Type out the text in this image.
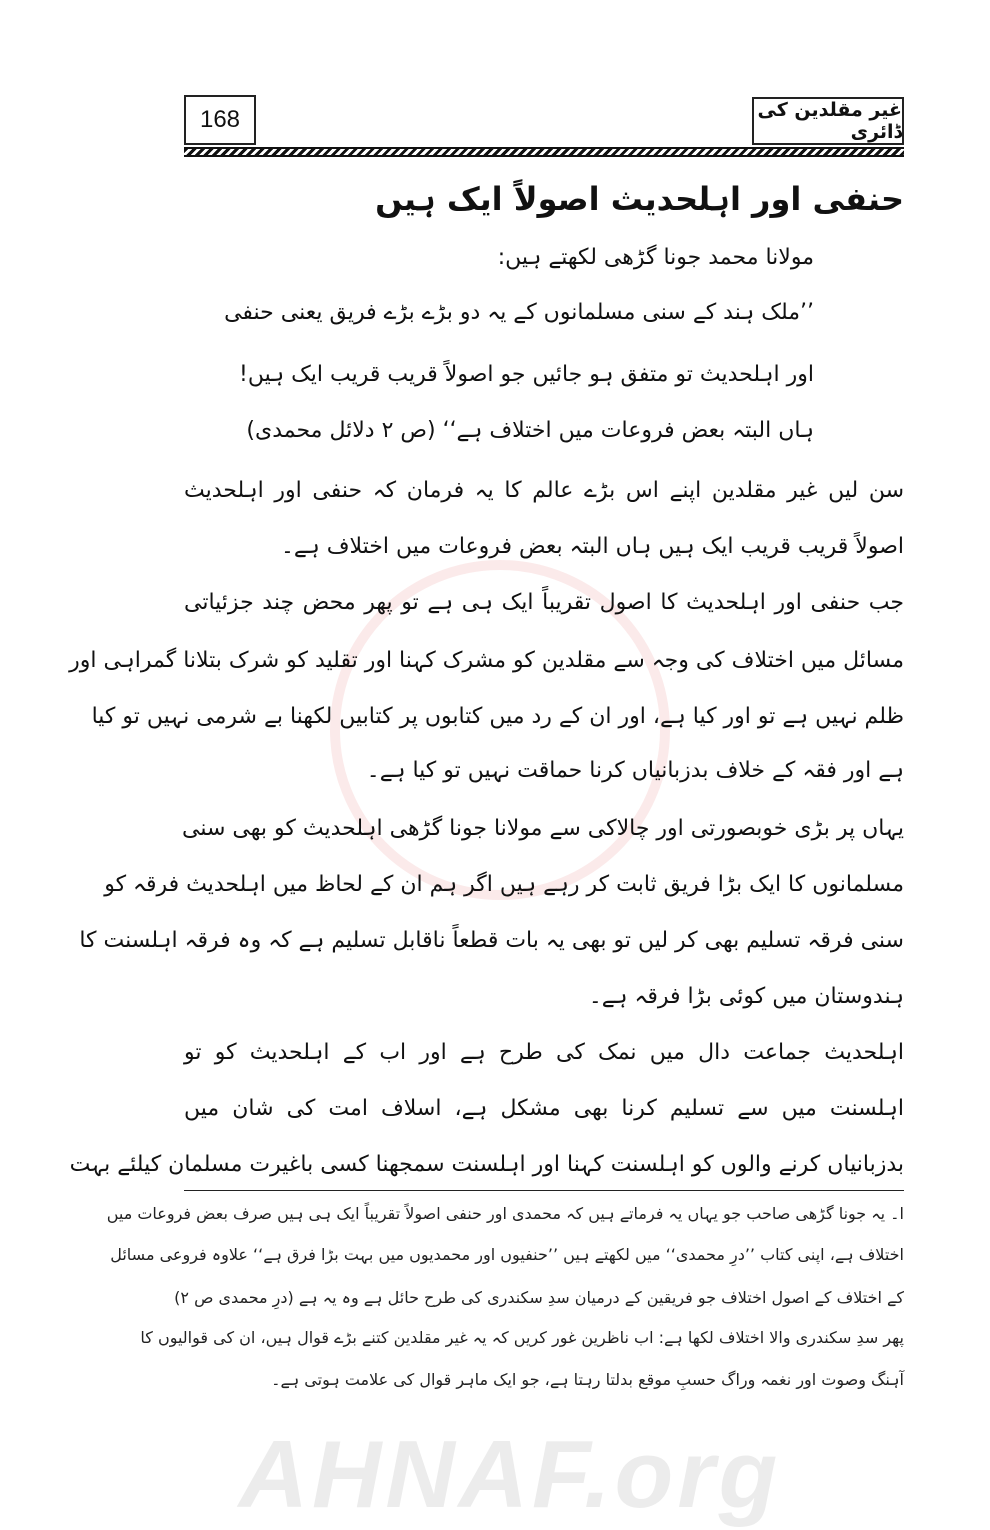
168	غیر مقلدین کی ڈائری
حنفی اور اہلحدیث اصولاً ایک ہیں
مولانا محمد جونا گڑھی لکھتے ہیں:
’’ملک ہند کے سنی مسلمانوں کے یہ دو بڑے بڑے فریق یعنی حنفی
اور اہلحدیث تو متفق ہو جائیں جو اصولاً قریب قریب ایک ہیں!
ہاں البتہ بعض فروعات میں اختلاف ہے‘‘ (ص ۲ دلائل محمدی)
سن لیں غیر مقلدین اپنے اس بڑے عالم کا یہ فرمان کہ حنفی اور اہلحدیث
اصولاً قریب قریب ایک ہیں ہاں البتہ بعض فروعات میں اختلاف ہے۔
جب حنفی اور اہلحدیث کا اصول تقریباً ایک ہی ہے تو پھر محض چند جزئیاتی
مسائل میں اختلاف کی وجہ سے مقلدین کو مشرک کہنا اور تقلید کو شرک بتلانا گمراہی اور
ظلم نہیں ہے تو اور کیا ہے، اور ان کے رد میں کتابوں پر کتابیں لکھنا بے شرمی نہیں تو کیا
ہے اور فقہ کے خلاف بدزبانیاں کرنا حماقت نہیں تو کیا ہے۔
یہاں پر بڑی خوبصورتی اور چالاکی سے مولانا جونا گڑھی اہلحدیث کو بھی سنی
مسلمانوں کا ایک بڑا فریق ثابت کر رہے ہیں اگر ہم ان کے لحاظ میں اہلحدیث فرقہ کو
سنی فرقہ تسلیم بھی کر لیں تو بھی یہ بات قطعاً ناقابل تسلیم ہے کہ وہ فرقہ اہلسنت کا
ہندوستان میں کوئی بڑا فرقہ ہے۔
اہلحدیث جماعت دال میں نمک کی طرح ہے اور اب کے اہلحدیث کو تو
اہلسنت میں سے تسلیم کرنا بھی مشکل ہے، اسلاف امت کی شان میں
بدزبانیاں کرنے والوں کو اہلسنت کہنا اور اہلسنت سمجھنا کسی باغیرت مسلمان کیلئے بہت
ا۔ یہ جونا گڑھی صاحب جو یہاں یہ فرماتے ہیں کہ محمدی اور حنفی اصولاً تقریباً ایک ہی ہیں صرف بعض فروعات میں
اختلاف ہے، اپنی کتاب ’’درِ محمدی‘‘ میں لکھتے ہیں ’’حنفیوں اور محمدیوں میں بہت بڑا فرق ہے‘‘ علاوہ فروعی مسائل
کے اختلاف کے اصول اختلاف جو فریقین کے درمیان سدِ سکندری کی طرح حائل ہے وہ یہ ہے (درِ محمدی ص ۲)
پھر سدِ سکندری والا اختلاف لکھا ہے: اب ناظرین غور کریں کہ یہ غیر مقلدین کتنے بڑے قوال ہیں، ان کی قوالیوں کا
آہنگ وصوت اور نغمہ وراگ حسبِ موقع بدلتا رہتا ہے، جو ایک ماہر قوال کی علامت ہوتی ہے۔
AHNAF.org
